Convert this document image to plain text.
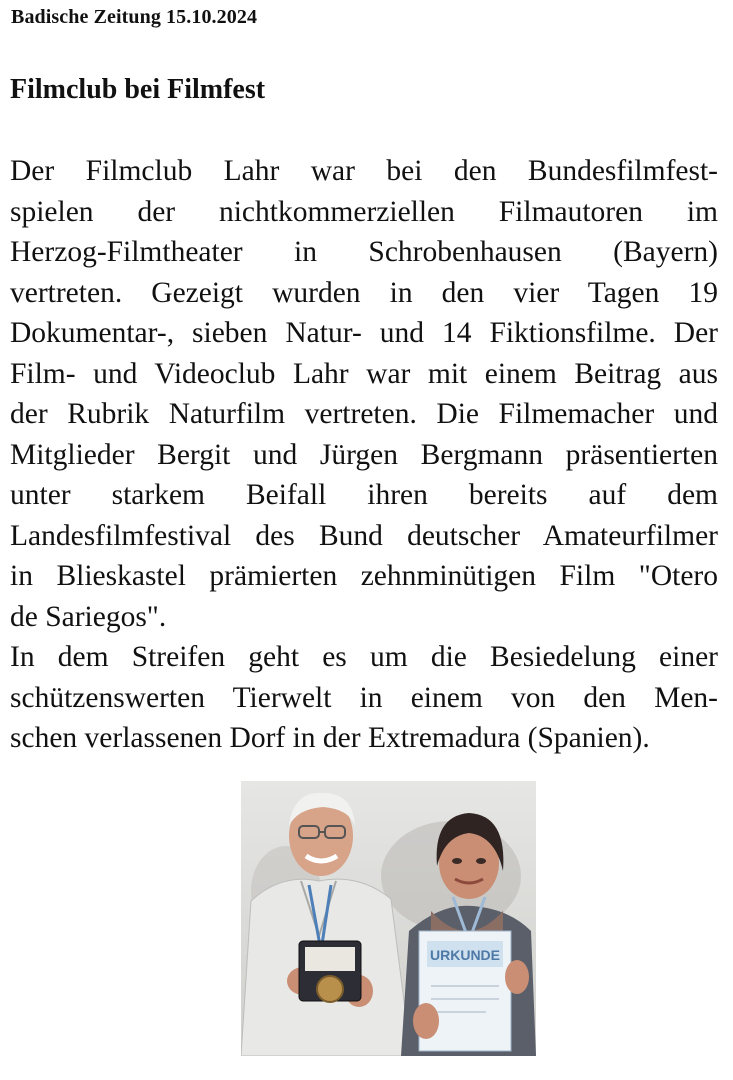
Badische Zeitung 15.10.2024

Filmclub bei Filmfest

Der Filmclub Lahr war bei den Bundesfilmfest-
spielen der nichtkommerziellen Filmautoren im
Herzog-Filmtheater in Schrobenhausen (Bayern)
vertreten. Gezeigt wurden in den vier Tagen 19
Dokumentar-, sieben Natur- und 14 Fiktionsfilme. Der
Film- und Videoclub Lahr war mit einem Beitrag aus
der Rubrik Naturfilm vertreten. Die Filmemacher und
Mitglieder Bergit und Jürgen Bergmann präsentierten
unter starkem Beifall ihren bereits auf dem
Landesfilmfestival des Bund deutscher Amateurfilmer
in Blieskastel prämierten zehnminütigen Film "Otero
de Sariegos".

In dem Streifen geht es um die Besiedelung einer
schützenswerten Tierwelt in einem von den Men-
schen verlassenen Dorf in der Extremadura (Spanien).

URKUNDE
